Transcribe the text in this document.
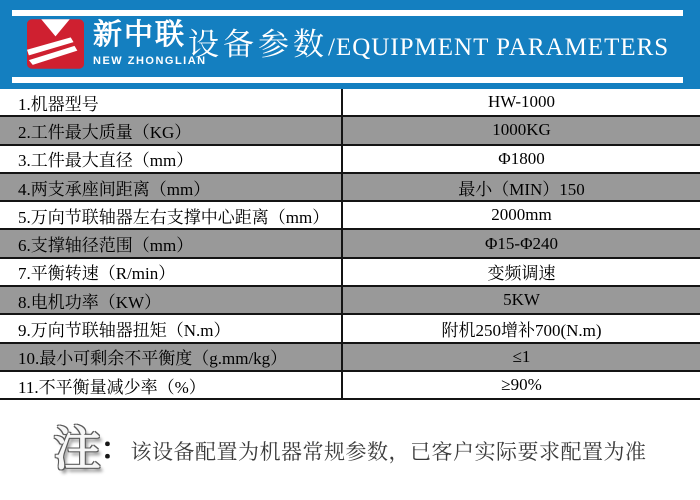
新中联
NEW ZHONGLIAN
设备参数 / EQUIPMENT PARAMETERS
1.机器型号	HW-1000
2.工件最大质量（KG）	1000KG
3.工件最大直径（mm）	Φ1800
4.两支承座间距离（mm）	最小（MIN）150
5.万向节联轴器左右支撑中心距离（mm）	2000mm
6.支撑轴径范围（mm）	Φ15-Φ240
7.平衡转速（R/min）	变频调速
8.电机功率（KW）	5KW
9.万向节联轴器扭矩（N.m）	附机250增补700(N.m)
10.最小可剩余不平衡度（g.mm/kg）	≤1
11.不平衡量减少率（%）	≥90%
注：该设备配置为机器常规参数，已客户实际要求配置为准
